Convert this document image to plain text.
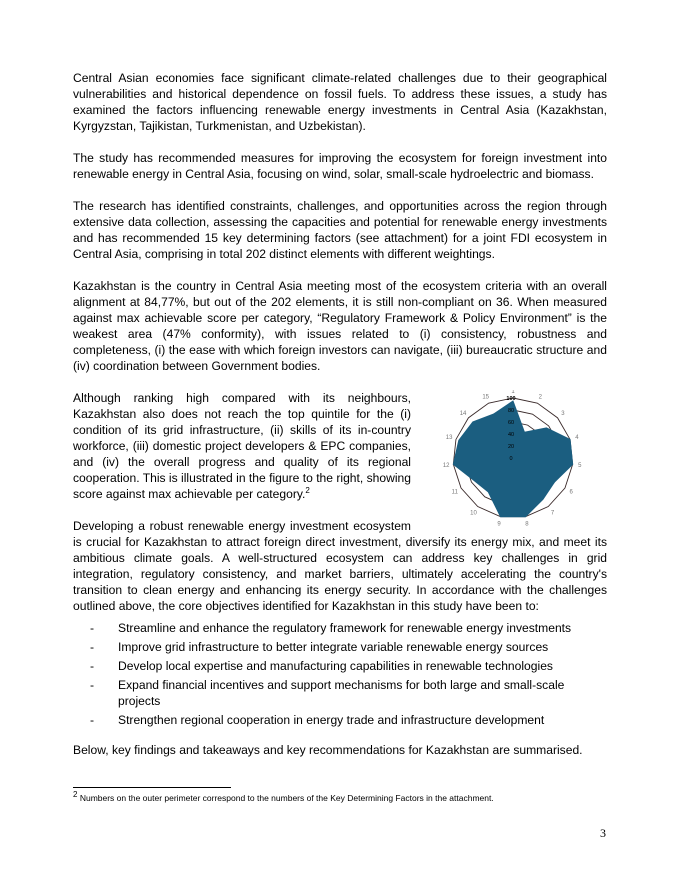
Central Asian economies face significant climate-related challenges due to their geographical vulnerabilities and historical dependence on fossil fuels. To address these issues, a study has examined the factors influencing renewable energy investments in Central Asia (Kazakhstan, Kyrgyzstan, Tajikistan, Turkmenistan, and Uzbekistan).

The study has recommended measures for improving the ecosystem for foreign investment into renewable energy in Central Asia, focusing on wind, solar, small-scale hydroelectric and biomass.

The research has identified constraints, challenges, and opportunities across the region through extensive data collection, assessing the capacities and potential for renewable energy investments and has recommended 15 key determining factors (see attachment) for a joint FDI ecosystem in Central Asia, comprising in total 202 distinct elements with different weightings.

Kazakhstan is the country in Central Asia meeting most of the ecosystem criteria with an overall alignment at 84,77%, but out of the 202 elements, it is still non-compliant on 36. When measured against max achievable score per category, “Regulatory Framework & Policy Environment” is the weakest area (47% conformity), with issues related to (i) consistency, robustness and completeness, (i) the ease with which foreign investors can navigate, (iii) bureaucratic structure and (iv) coordination between Government bodies.

0
20
40
60
80
100
1
2
3
4
5
6
7
8
9
10
11
12
13
14
15

Although ranking high compared with its neighbours, Kazakhstan also does not reach the top quintile for the (i) condition of its grid infrastructure, (ii) skills of its in-country workforce, (iii) domestic project developers & EPC companies, and (iv) the overall progress and quality of its regional cooperation. This is illustrated in the figure to the right, showing score against max achievable per category.$^2$

Developing a robust renewable energy investment ecosystem is crucial for Kazakhstan to attract foreign direct investment, diversify its energy mix, and meet its ambitious climate goals. A well-structured ecosystem can address key challenges in grid integration, regulatory consistency, and market barriers, ultimately accelerating the country's transition to clean energy and enhancing its energy security. In accordance with the challenges outlined above, the core objectives identified for Kazakhstan in this study have been to:

- Streamline and enhance the regulatory framework for renewable energy investments
- Improve grid infrastructure to better integrate variable renewable energy sources
- Develop local expertise and manufacturing capabilities in renewable technologies
- Expand financial incentives and support mechanisms for both large and small-scale projects
- Strengthen regional cooperation in energy trade and infrastructure development

Below, key findings and takeaways and key recommendations for Kazakhstan are summarised.

$^2$ Numbers on the outer perimeter correspond to the numbers of the Key Determining Factors in the attachment.
3
